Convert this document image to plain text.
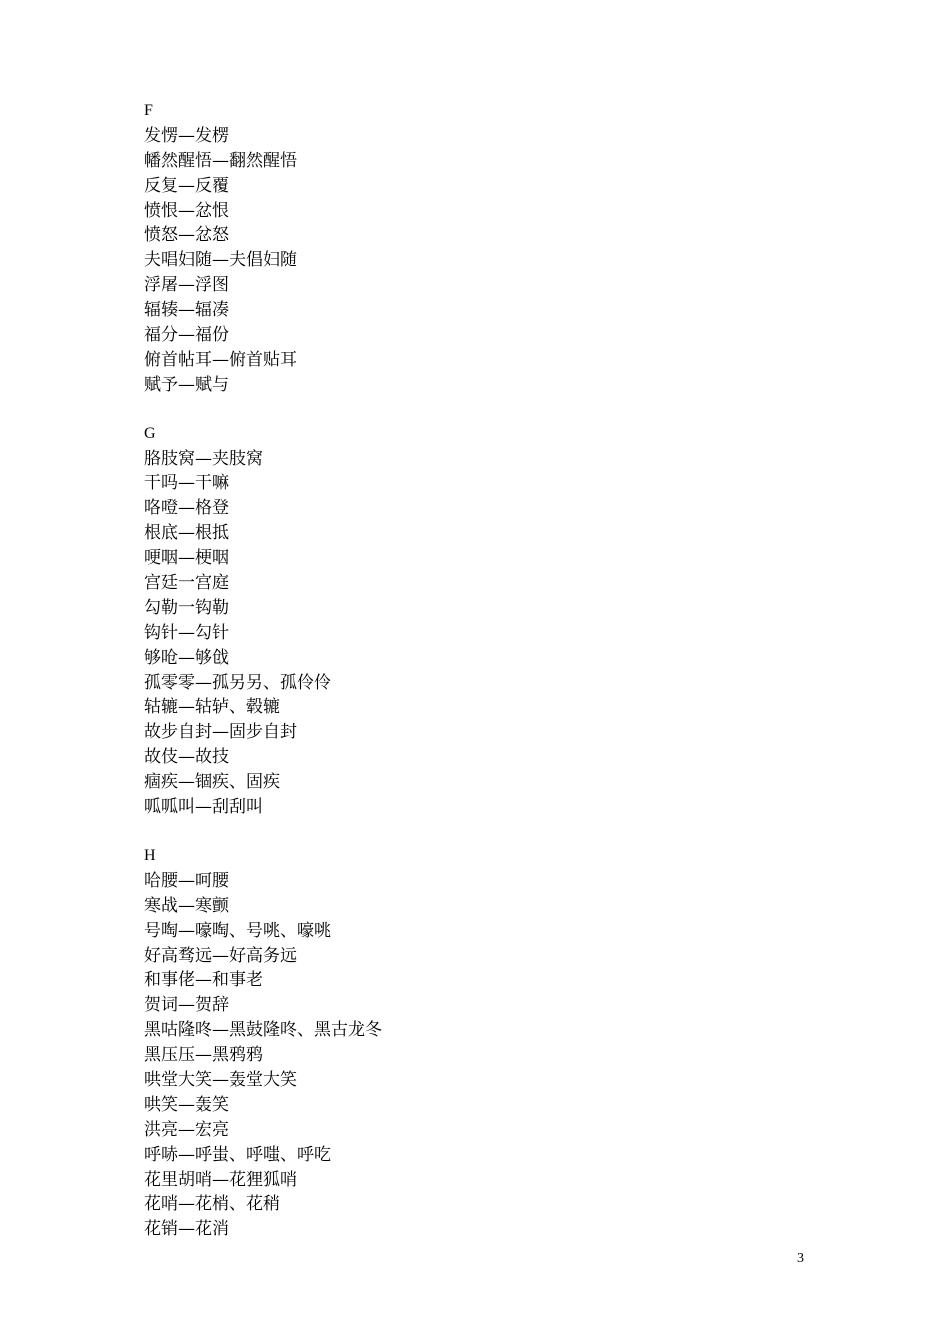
F
发愣—发楞
幡然醒悟—翻然醒悟
反复—反覆
愤恨—忿恨
愤怒—忿怒
夫唱妇随—夫倡妇随
浮屠—浮图
辐辏—辐凑
福分—福份
俯首帖耳—俯首贴耳
赋予—赋与
G
胳肢窝—夹肢窝
干吗—干嘛
咯噔—格登
根底—根抵
哽咽—梗咽
宫廷一宫庭
勾勒一钩勒
钩针—勾针
够呛—够戗
孤零零—孤另另、孤伶伶
轱辘—轱轳、毂辘
故步自封—固步自封
故伎—故技
痼疾—锢疾、固疾
呱呱叫—刮刮叫
H
哈腰—呵腰
寒战—寒颤
号啕—嚎啕、号咷、嚎咷
好高骛远—好高务远
和事佬—和事老
贺词—贺辞
黑咕隆咚—黑鼓隆咚、黑古龙冬
黑压压—黑鸦鸦
哄堂大笑—轰堂大笑
哄笑—轰笑
洪亮—宏亮
呼哧—呼蚩、呼嗤、呼吃
花里胡哨—花狸狐哨
花哨—花梢、花稍
花销—花消
3
